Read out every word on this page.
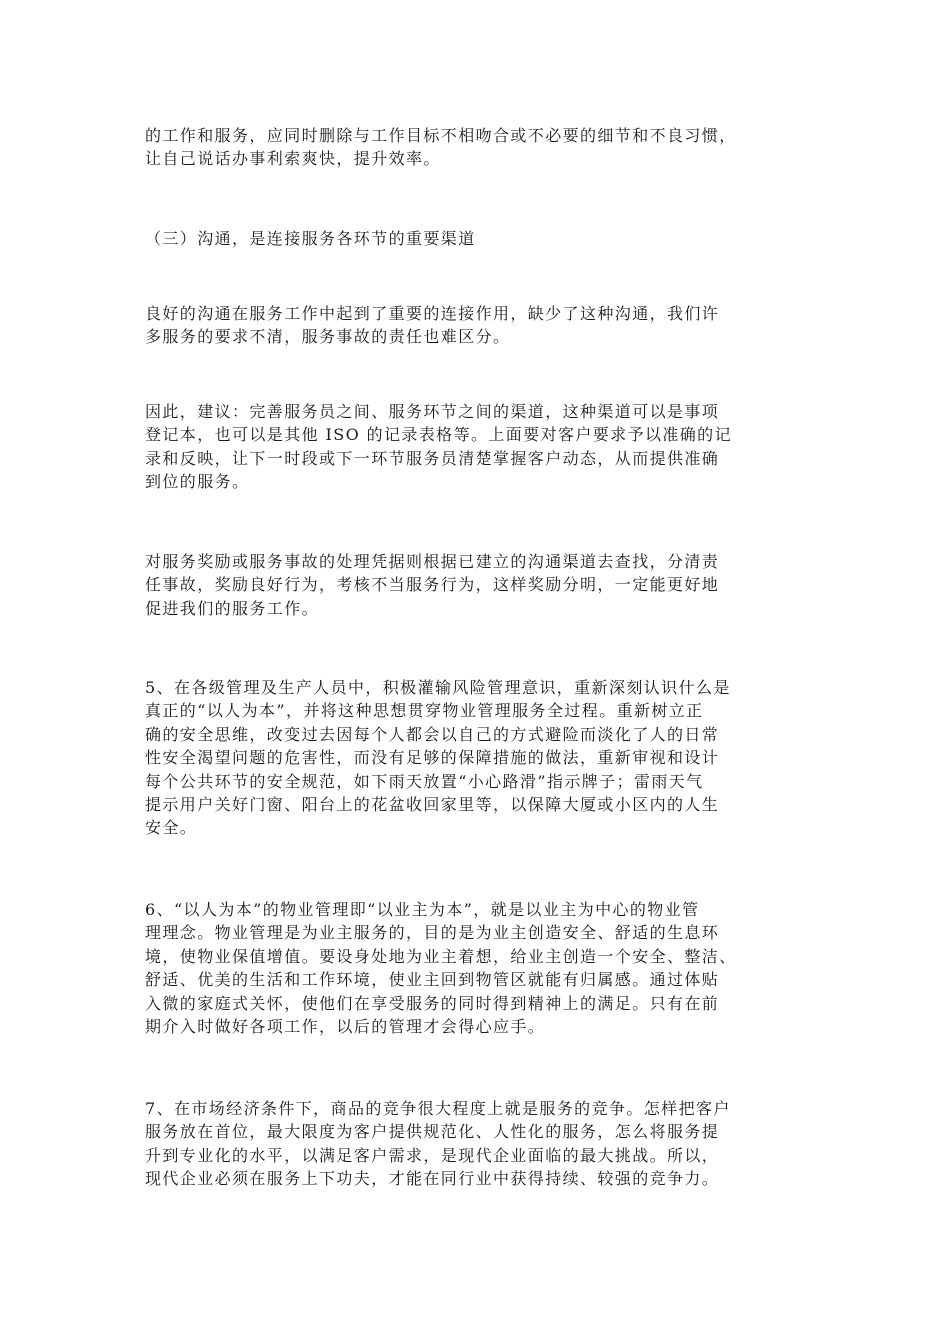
的工作和服务，应同时删除与工作目标不相吻合或不必要的细节和不良习惯，
让自己说话办事利索爽快，提升效率。

（三）沟通，是连接服务各环节的重要渠道

良好的沟通在服务工作中起到了重要的连接作用，缺少了这种沟通，我们许
多服务的要求不清，服务事故的责任也难区分。

因此，建议：完善服务员之间、服务环节之间的渠道，这种渠道可以是事项
登记本，也可以是其他 ISO 的记录表格等。上面要对客户要求予以准确的记
录和反映，让下一时段或下一环节服务员清楚掌握客户动态，从而提供准确
到位的服务。

对服务奖励或服务事故的处理凭据则根据已建立的沟通渠道去查找，分清责
任事故，奖励良好行为，考核不当服务行为，这样奖励分明，一定能更好地
促进我们的服务工作。

5、在各级管理及生产人员中，积极灌输风险管理意识，重新深刻认识什么是
真正的“以人为本”，并将这种思想贯穿物业管理服务全过程。重新树立正
确的安全思维，改变过去因每个人都会以自己的方式避险而淡化了人的日常
性安全渴望问题的危害性，而没有足够的保障措施的做法，重新审视和设计
每个公共环节的安全规范，如下雨天放置“小心路滑”指示牌子；雷雨天气
提示用户关好门窗、阳台上的花盆收回家里等，以保障大厦或小区内的人生
安全。

6、“以人为本”的物业管理即“以业主为本”，就是以业主为中心的物业管
理理念。物业管理是为业主服务的，目的是为业主创造安全、舒适的生息环
境，使物业保值增值。要设身处地为业主着想，给业主创造一个安全、整洁、
舒适、优美的生活和工作环境，使业主回到物管区就能有归属感。通过体贴
入微的家庭式关怀，使他们在享受服务的同时得到精神上的满足。只有在前
期介入时做好各项工作，以后的管理才会得心应手。

7、在市场经济条件下，商品的竞争很大程度上就是服务的竞争。怎样把客户
服务放在首位，最大限度为客户提供规范化、人性化的服务，怎么将服务提
升到专业化的水平，以满足客户需求，是现代企业面临的最大挑战。所以，
现代企业必须在服务上下功夫，才能在同行业中获得持续、较强的竞争力。
